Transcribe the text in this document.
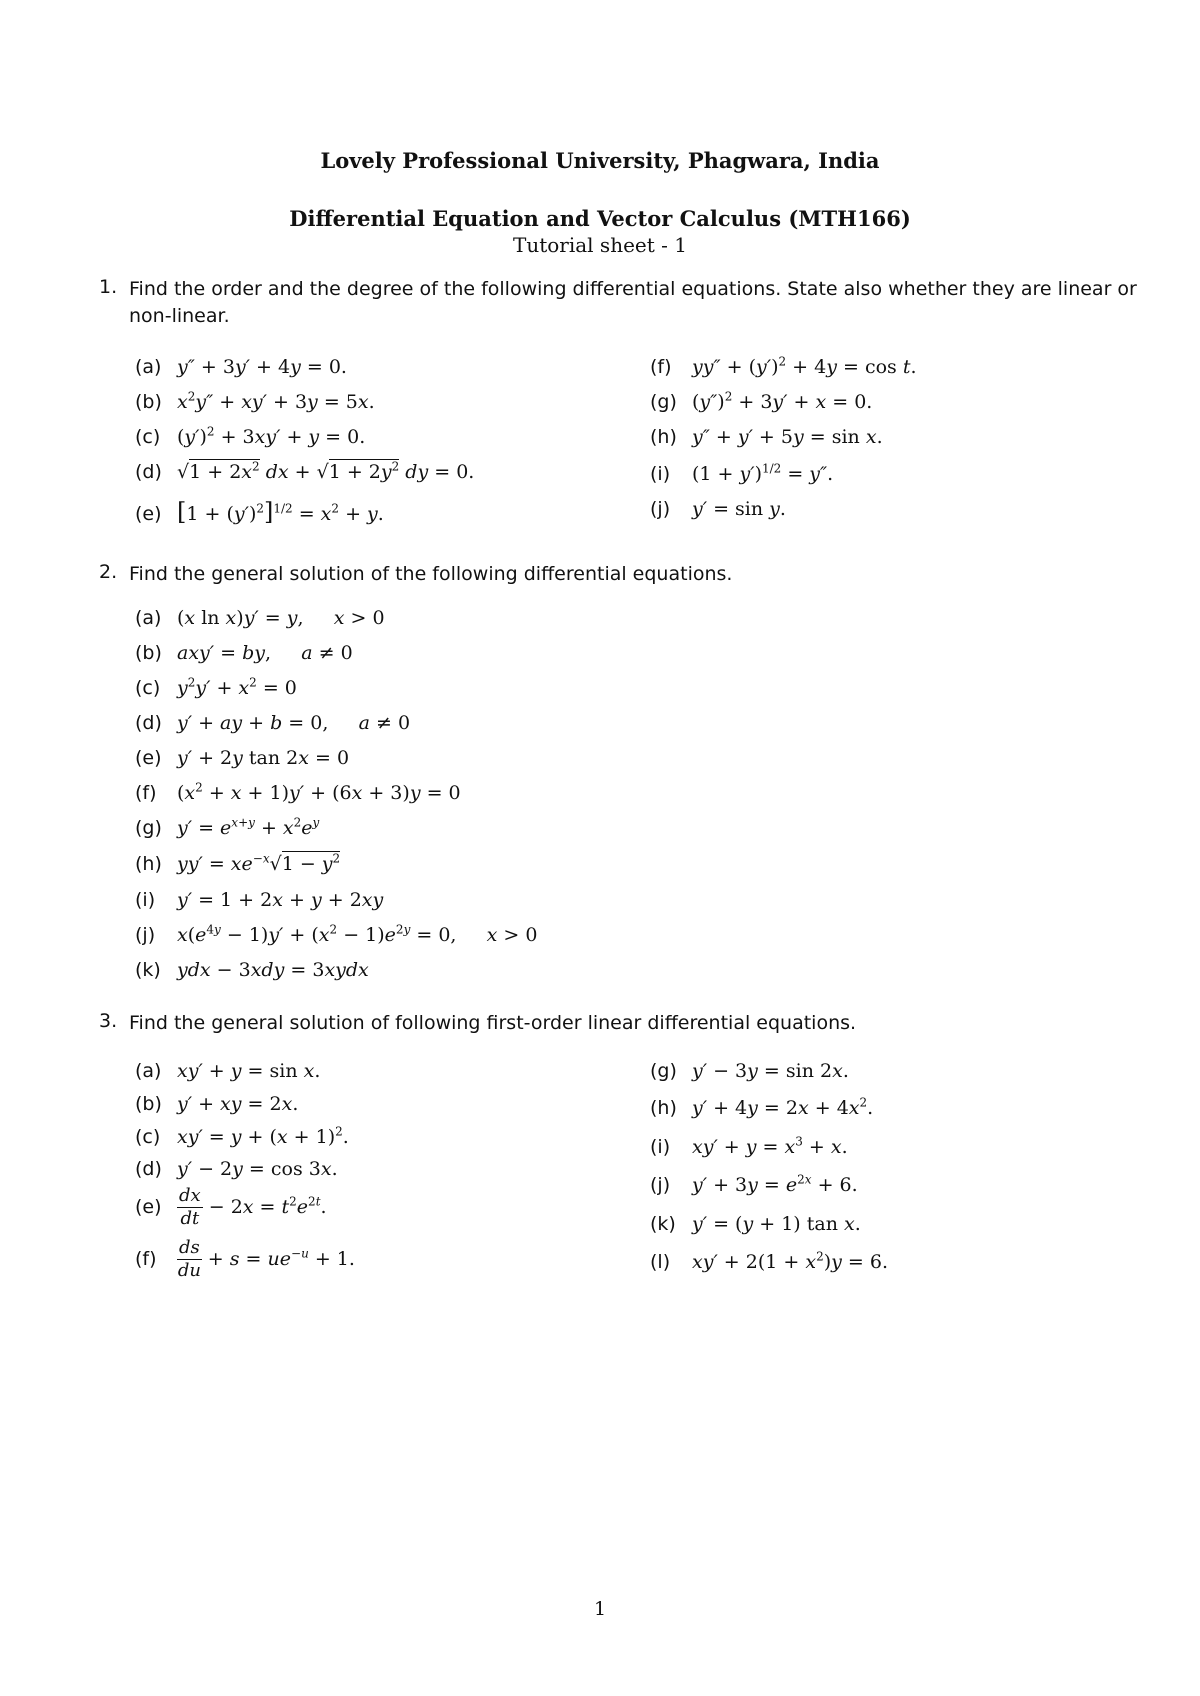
Lovely Professional University, Phagwara, India
Differential Equation and Vector Calculus (MTH166)
Tutorial sheet - 1
1. Find the order and the degree of the following differential equations. State also whether they are linear or non-linear.
(a) y″ + 3y′ + 4y = 0.
(b) $x^2y'' + xy' + 3y = 5x$.
(c) $(y')^2 + 3xy' + y = 0$.
(d) $√1 + 2x^2$ dx + $√1 + 2y^2$ dy = 0.
(e) $[1 + (y')^2]^{1/2} = x^2 + y$.
(f) $yy'' + (y')^2 + 4y = \cos t$.
(g) $(y'')^2 + 3y' + x = 0$.
(h) y″ + y′ + 5y = sin x.
(i) $(1 + y')^{1/2} = y''$.
(j) y′ = sin y.
2. Find the general solution of the following differential equations.
(a) (x ln x)y′ = y,     x > 0
(b) axy′ = by,     a ≠ 0
(c) $y^2y' + x^2 = 0$
(d) y′ + ay + b = 0,     a ≠ 0
(e) y′ + 2y tan 2x = 0
(f) $(x^2 + x + 1)y' + (6x + 3)y = 0$
(g) $y' = e^{x+y} + x^2e^y$
(h) $yy' = xe^{-x}√1 - y^2$
(i) y′ = 1 + 2x + y + 2xy
(j) $x(e^{4y} - 1)y' + (x^2 - 1)e^{2y} = 0$,     x > 0
(k) ydx − 3xdy = 3xydx
3. Find the general solution of following first-order linear differential equations.
(a) xy′ + y = sin x.
(b) y′ + xy = 2x.
(c) $xy' = y + (x + 1)^2$.
(d) y′ − 2y = cos 3x.
$(e) \frac{dx}{dt} - 2x = t^2e^{2t}$.
$(f) \frac{ds}{du} + s = ue^{-u} + 1$.
(g) y′ − 3y = sin 2x.
(h) $y' + 4y = 2x + 4x^2$.
(i) $xy' + y = x^3 + x$.
(j) $y' + 3y = e^{2x} + 6$.
(k) y′ = (y + 1) tan x.
(l) $xy' + 2(1 + x^2)y = 6$.
1
